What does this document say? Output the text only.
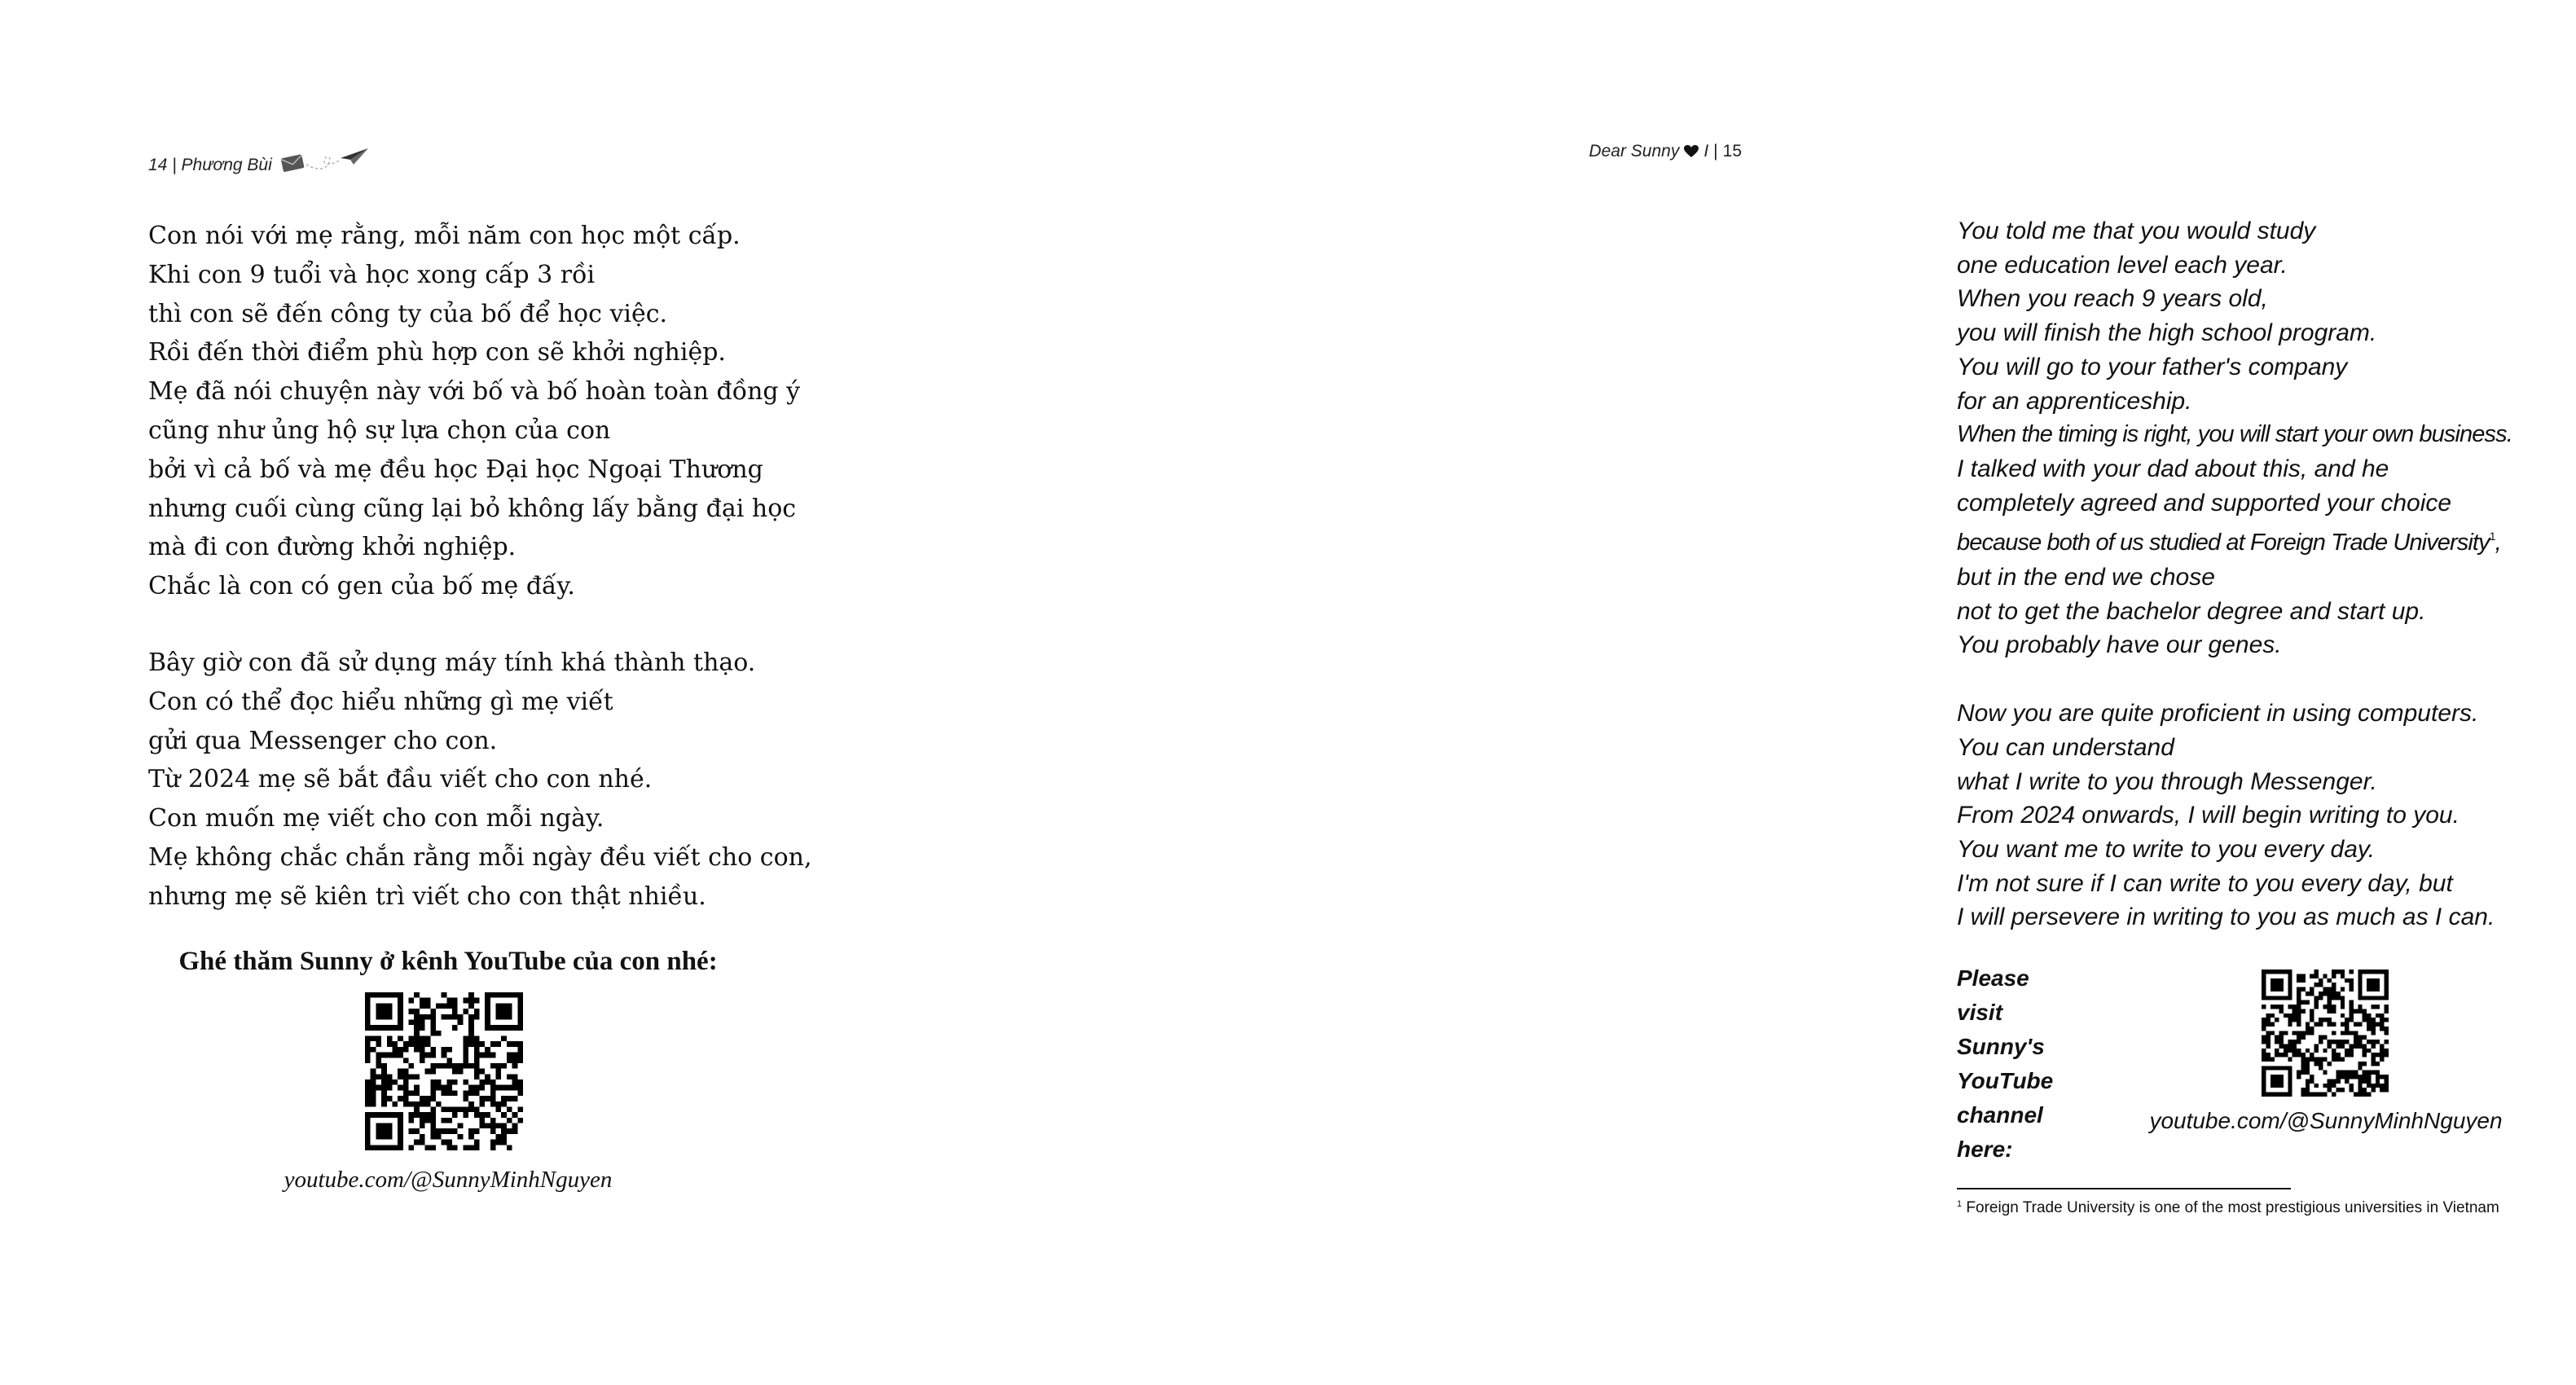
14 | Phương Bùi
Con nói với mẹ rằng, mỗi năm con học một cấp.
Khi con 9 tuổi và học xong cấp 3 rồi
thì con sẽ đến công ty của bố để học việc.
Rồi đến thời điểm phù hợp con sẽ khởi nghiệp.
Mẹ đã nói chuyện này với bố và bố hoàn toàn đồng ý
cũng như ủng hộ sự lựa chọn của con
bởi vì cả bố và mẹ đều học Đại học Ngoại Thương
nhưng cuối cùng cũng lại bỏ không lấy bằng đại học
mà đi con đường khởi nghiệp.
Chắc là con có gen của bố mẹ đấy.
Bây giờ con đã sử dụng máy tính khá thành thạo.
Con có thể đọc hiểu những gì mẹ viết
gửi qua Messenger cho con.
Từ 2024 mẹ sẽ bắt đầu viết cho con nhé.
Con muốn mẹ viết cho con mỗi ngày.
Mẹ không chắc chắn rằng mỗi ngày đều viết cho con,
nhưng mẹ sẽ kiên trì viết cho con thật nhiều.
Ghé thăm Sunny ở kênh YouTube của con nhé:
youtube.com/@SunnyMinhNguyen
Dear Sunny I | 15
You told me that you would study
one education level each year.
When you reach 9 years old,
you will finish the high school program.
You will go to your father's company
for an apprenticeship.
When the timing is right, you will start your own business.
I talked with your dad about this, and he
completely agreed and supported your choice
because both of us studied at Foreign Trade University$^1$,
but in the end we chose
not to get the bachelor degree and start up.
You probably have our genes.
Now you are quite proficient in using computers.
You can understand
what I write to you through Messenger.
From 2024 onwards, I will begin writing to you.
You want me to write to you every day.
I'm not sure if I can write to you every day, but
I will persevere in writing to you as much as I can.
Please visit
Sunny's
YouTube
channel
here:
youtube.com/@SunnyMinhNguyen
$^1$ Foreign Trade University is one of the most prestigious universities in Vietnam
